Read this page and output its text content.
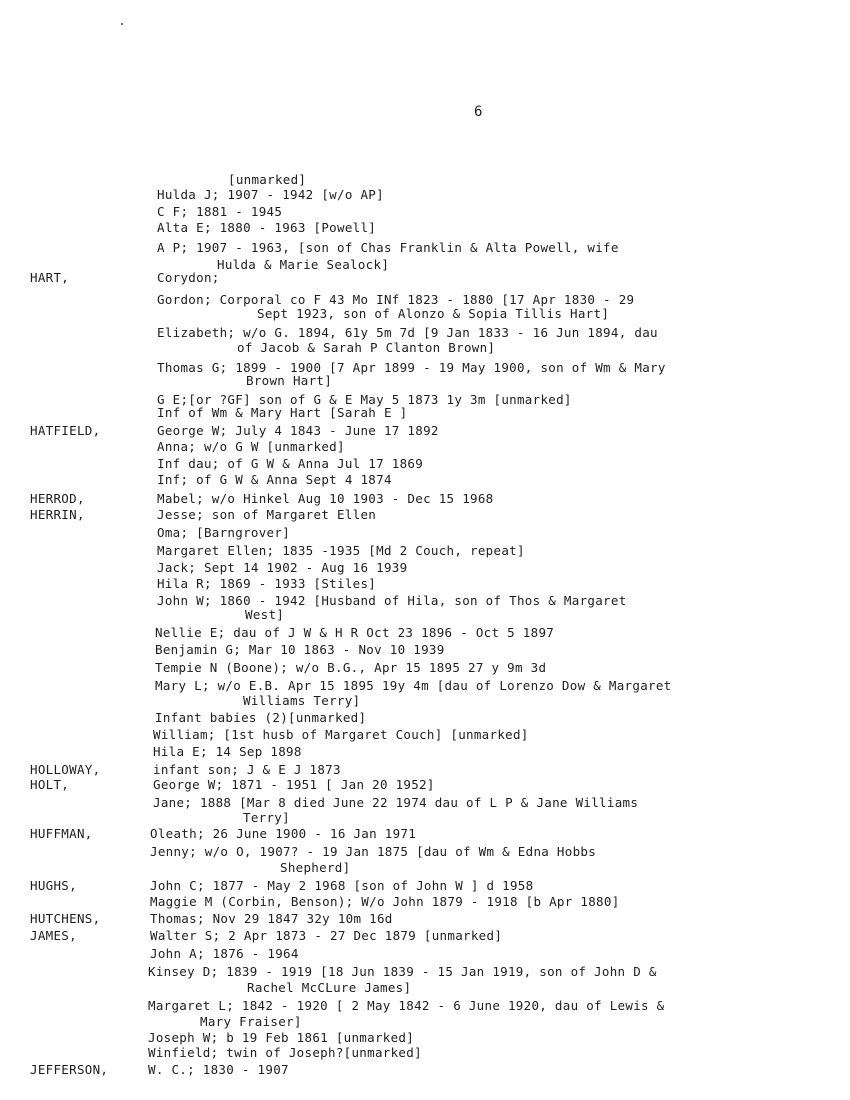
6
[unmarked]
Hulda J; 1907 - 1942 [w/o AP]
C F; 1881 - 1945
Alta E; 1880 - 1963 [Powell]
A P; 1907 - 1963, [son of Chas Franklin & Alta Powell, wife
Hulda & Marie Sealock]
HART,	Corydon;
Gordon; Corporal co F 43 Mo INf 1823 - 1880 [17 Apr 1830 - 29
Sept 1923, son of Alonzo & Sopia Tillis Hart]
Elizabeth; w/o G. 1894, 61y 5m 7d [9 Jan 1833 - 16 Jun 1894, dau
of Jacob & Sarah P Clanton Brown]
Thomas G; 1899 - 1900 [7 Apr 1899 - 19 May 1900, son of Wm & Mary
Brown Hart]
G E;[or ?GF] son of G & E May 5 1873 1y 3m [unmarked]
Inf of Wm & Mary Hart [Sarah E ]
HATFIELD,	George W; July 4 1843 - June 17 1892
Anna; w/o G W [unmarked]
Inf dau; of G W & Anna Jul 17 1869
Inf; of G W & Anna Sept 4 1874
HERROD,	Mabel; w/o Hinkel Aug 10 1903 - Dec 15 1968
HERRIN,	Jesse; son of Margaret Ellen
Oma; [Barngrover]
Margaret Ellen; 1835 -1935 [Md 2 Couch, repeat]
Jack; Sept 14 1902 - Aug 16 1939
Hila R; 1869 - 1933 [Stiles]
John W; 1860 - 1942 [Husband of Hila, son of Thos & Margaret
West]
Nellie E; dau of J W & H R Oct 23 1896 - Oct 5 1897
Benjamin G; Mar 10 1863 - Nov 10 1939
Tempie N (Boone); w/o B.G., Apr 15 1895 27 y 9m 3d
Mary L; w/o E.B. Apr 15 1895 19y 4m [dau of Lorenzo Dow & Margaret
Williams Terry]
Infant babies (2)[unmarked]
William; [1st husb of Margaret Couch] [unmarked]
Hila E; 14 Sep 1898
HOLLOWAY,	infant son; J & E J 1873
HOLT,	George W; 1871 - 1951 [ Jan 20 1952]
Jane; 1888 [Mar 8 died June 22 1974 dau of L P & Jane Williams
Terry]
HUFFMAN,	Oleath; 26 June 1900 - 16 Jan 1971
Jenny; w/o O, 1907? - 19 Jan 1875 [dau of Wm & Edna Hobbs
Shepherd]
HUGHS,	John C; 1877 - May 2 1968 [son of John W ] d 1958
Maggie M (Corbin, Benson); W/o John 1879 - 1918 [b Apr 1880]
HUTCHENS,	Thomas; Nov 29 1847 32y 10m 16d
JAMES,	Walter S; 2 Apr 1873 - 27 Dec 1879 [unmarked]
John A; 1876 - 1964
Kinsey D; 1839 - 1919 [18 Jun 1839 - 15 Jan 1919, son of John D &
Rachel McCLure James]
Margaret L; 1842 - 1920 [ 2 May 1842 - 6 June 1920, dau of Lewis &
Mary Fraiser]
Joseph W; b 19 Feb 1861 [unmarked]
Winfield; twin of Joseph?[unmarked]
JEFFERSON,	W. C.; 1830 - 1907
